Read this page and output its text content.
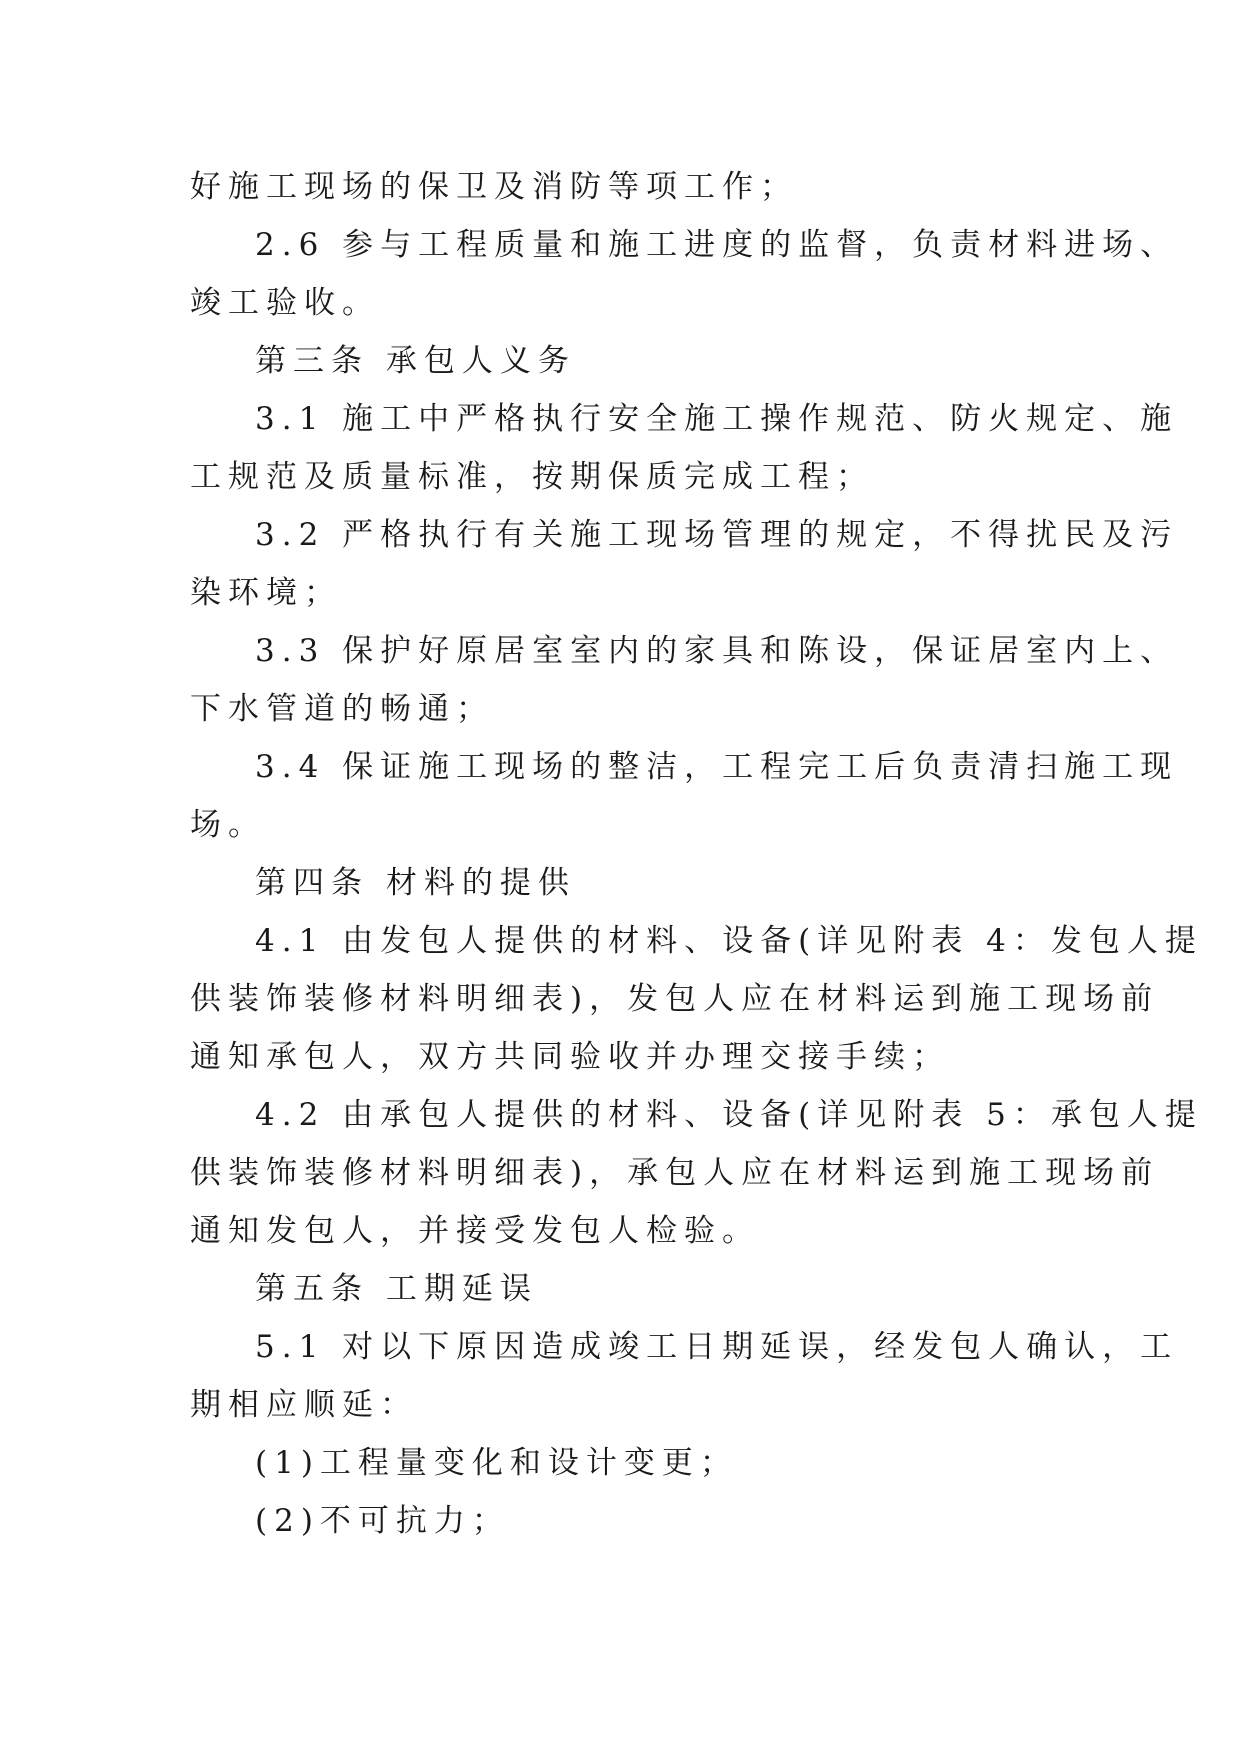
好施工现场的保卫及消防等项工作；
2.6 参与工程质量和施工进度的监督，负责材料进场、
竣工验收。
第三条 承包人义务
3.1 施工中严格执行安全施工操作规范、防火规定、施
工规范及质量标准，按期保质完成工程；
3.2 严格执行有关施工现场管理的规定，不得扰民及污
染环境；
3.3 保护好原居室室内的家具和陈设，保证居室内上、
下水管道的畅通；
3.4 保证施工现场的整洁，工程完工后负责清扫施工现
场。
第四条 材料的提供
4.1 由发包人提供的材料、设备(详见附表 4：发包人提
供装饰装修材料明细表)，发包人应在材料运到施工现场前
通知承包人，双方共同验收并办理交接手续；
4.2 由承包人提供的材料、设备(详见附表 5：承包人提
供装饰装修材料明细表)，承包人应在材料运到施工现场前
通知发包人，并接受发包人检验。
第五条 工期延误
5.1 对以下原因造成竣工日期延误，经发包人确认，工
期相应顺延：
(1)工程量变化和设计变更；
(2)不可抗力；
